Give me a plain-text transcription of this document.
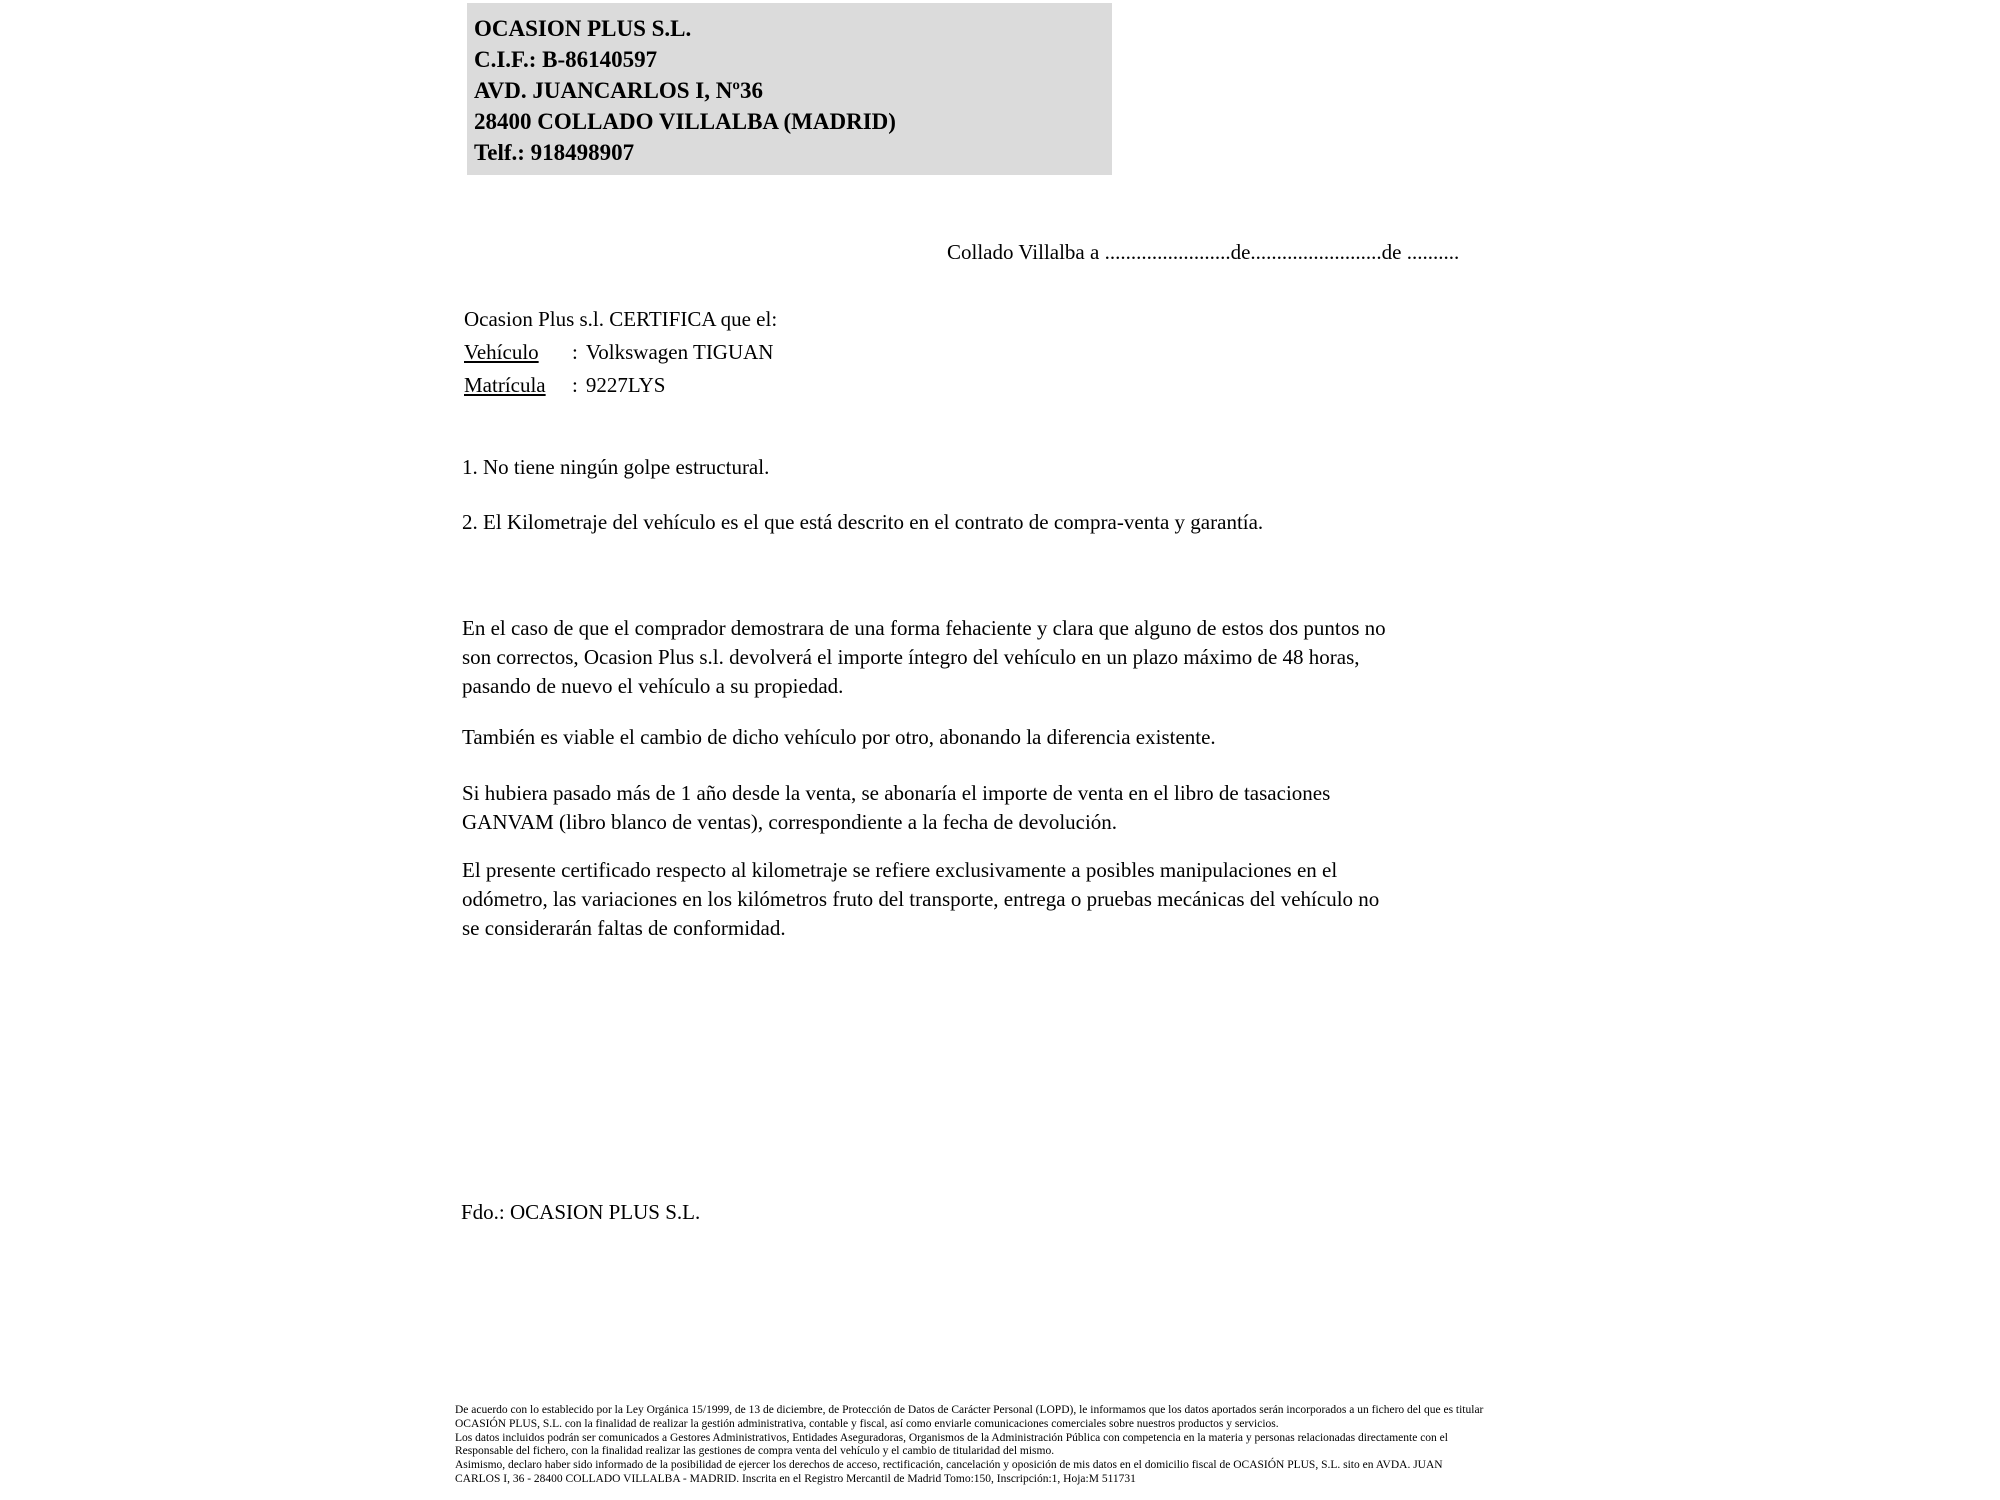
OCASION PLUS S.L.
C.I.F.: B-86140597
AVD. JUANCARLOS I, Nº36
28400 COLLADO VILLALBA (MADRID)
Telf.: 918498907
Collado Villalba a ........................de.........................de ..........
Ocasion Plus s.l. CERTIFICA que el:
Vehículo : Volkswagen TIGUAN
Matrícula : 9227LYS
1. No tiene ningún golpe estructural.
2. El Kilometraje del vehículo es el que está descrito en el contrato de compra-venta y garantía.
En el caso de que el comprador demostrara de una forma fehaciente y clara que alguno de estos dos puntos no
son correctos, Ocasion Plus s.l. devolverá el importe íntegro del vehículo en un plazo máximo de 48 horas,
pasando de nuevo el vehículo a su propiedad.
También es viable el cambio de dicho vehículo por otro, abonando la diferencia existente.
Si hubiera pasado más de 1 año desde la venta, se abonaría el importe de venta en el libro de tasaciones
GANVAM (libro blanco de ventas), correspondiente a la fecha de devolución.
El presente certificado respecto al kilometraje se refiere exclusivamente a posibles manipulaciones en el
odómetro, las variaciones en los kilómetros fruto del transporte, entrega o pruebas mecánicas del vehículo no
se considerarán faltas de conformidad.
Fdo.: OCASION PLUS S.L.
De acuerdo con lo establecido por la Ley Orgánica 15/1999, de 13 de diciembre, de Protección de Datos de Carácter Personal (LOPD), le informamos que los datos aportados serán incorporados a un fichero del que es titular
OCASIÓN PLUS, S.L. con la finalidad de realizar la gestión administrativa, contable y fiscal, así como enviarle comunicaciones comerciales sobre nuestros productos y servicios.
Los datos incluidos podrán ser comunicados a Gestores Administrativos, Entidades Aseguradoras, Organismos de la Administración Pública con competencia en la materia y personas relacionadas directamente con el
Responsable del fichero, con la finalidad realizar las gestiones de compra venta del vehículo y el cambio de titularidad del mismo.
Asimismo, declaro haber sido informado de la posibilidad de ejercer los derechos de acceso, rectificación, cancelación y oposición de mis datos en el domicilio fiscal de OCASIÓN PLUS, S.L. sito en AVDA. JUAN
CARLOS I, 36 - 28400 COLLADO VILLALBA - MADRID. Inscrita en el Registro Mercantil de Madrid Tomo:150, Inscripción:1, Hoja:M 511731
